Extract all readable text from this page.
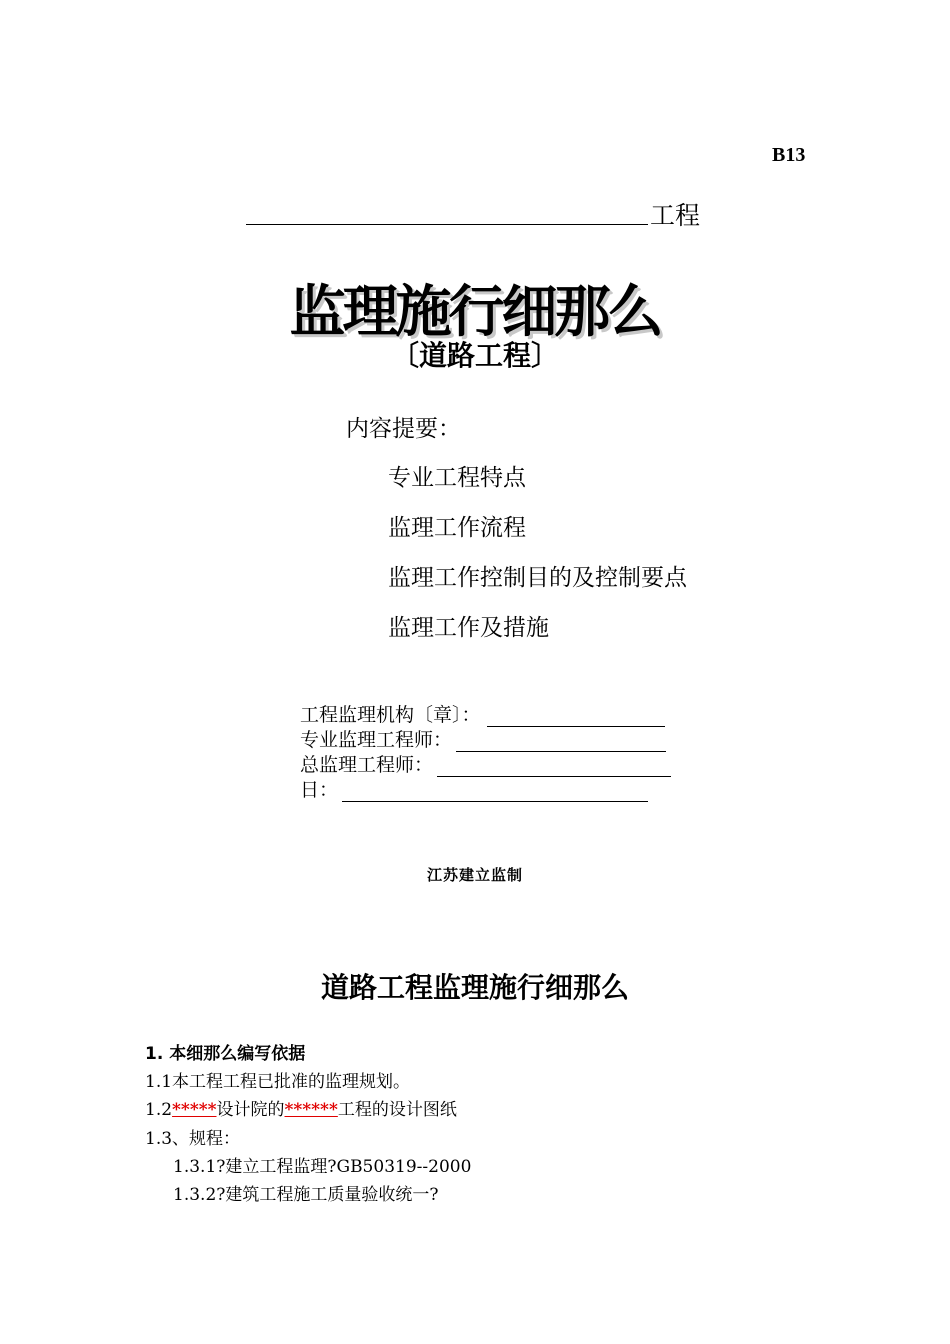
B13
工程
监理施行细那么
〔道路工程〕
内容提要：
专业工程特点
监理工作流程
监理工作控制目的及控制要点
监理工作及措施
工程监理机构〔章〕：
专业监理工程师：
总监理工程师：
日：
江苏建立监制
道路工程监理施行细那么
1. 本细那么编写依据
1.1本工程工程已批准的监理规划。
1.2*****设计院的******工程的设计图纸
1.3、规程：
1.3.1?建立工程监理?GB50319--2000
1.3.2?建筑工程施工质量验收统一?
